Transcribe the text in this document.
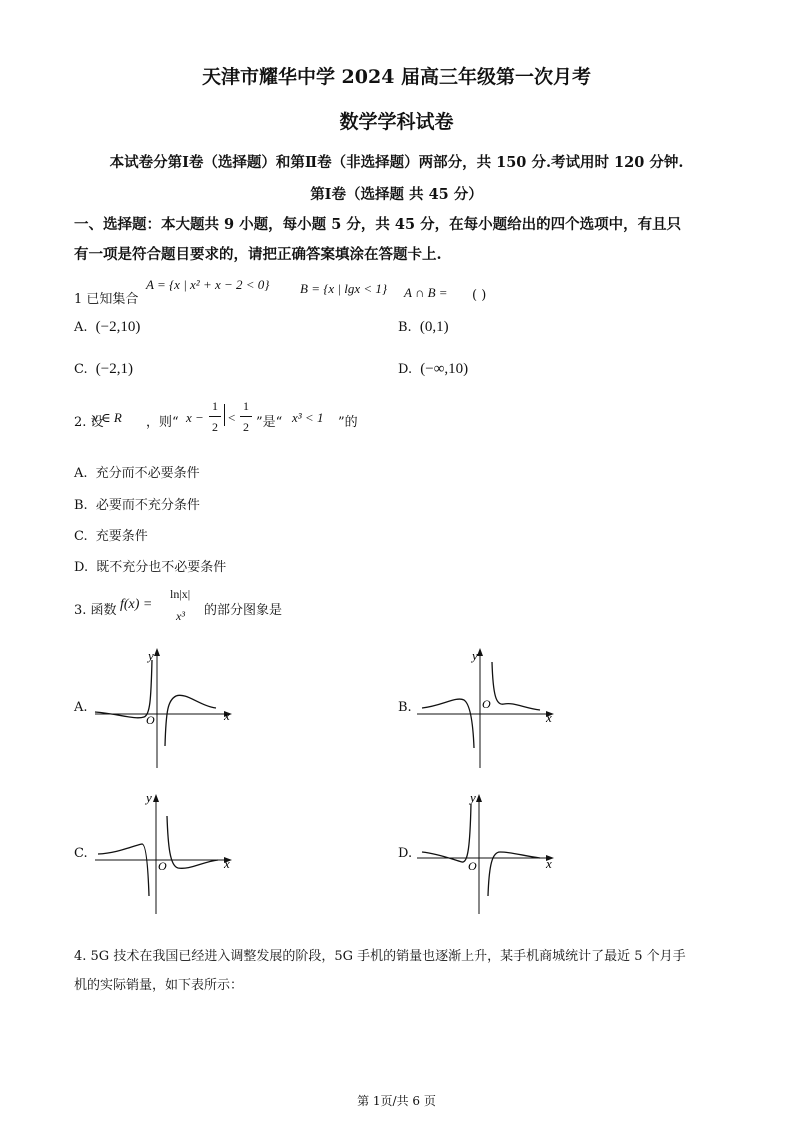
天津市耀华中学 2024 届高三年级第一次月考
数学学科试卷
本试卷分第Ⅰ卷（选择题）和第Ⅱ卷（非选择题）两部分，共 150 分.考试用时 120 分钟.
第Ⅰ卷（选择题 共 45 分）
一、选择题：本大题共 9 小题，每小题 5 分，共 45 分，在每小题给出的四个选项中，有且只
有一项是符合题目要求的，请把正确答案填涂在答题卡上.
1 已知集合
A = {x | x² + x − 2 < 0} B = {x | lgx < 1} A ∩ B = ( )
A. (−2,10)	B. (0,1)
C. (−2,1)	D. (−∞,10)
2. 设
x ∈ R ，则“ x −
1
2
<
1
2 ”是“ x³ < 1 ”的
A. 充分而不必要条件
B. 必要而不充分条件
C. 充要条件
D. 既不充分也不必要条件
3. 函数 f(x) =
ln|x|
x³ 的部分图象是
A.
y
x
O
B.
y
x
O
C.
y
x
O
D.
y
x
O
4. 5G 技术在我国已经进入调整发展的阶段，5G 手机的销量也逐渐上升，某手机商城统计了最近 5 个月手
机的实际销量，如下表所示：
第 1页/共 6 页
